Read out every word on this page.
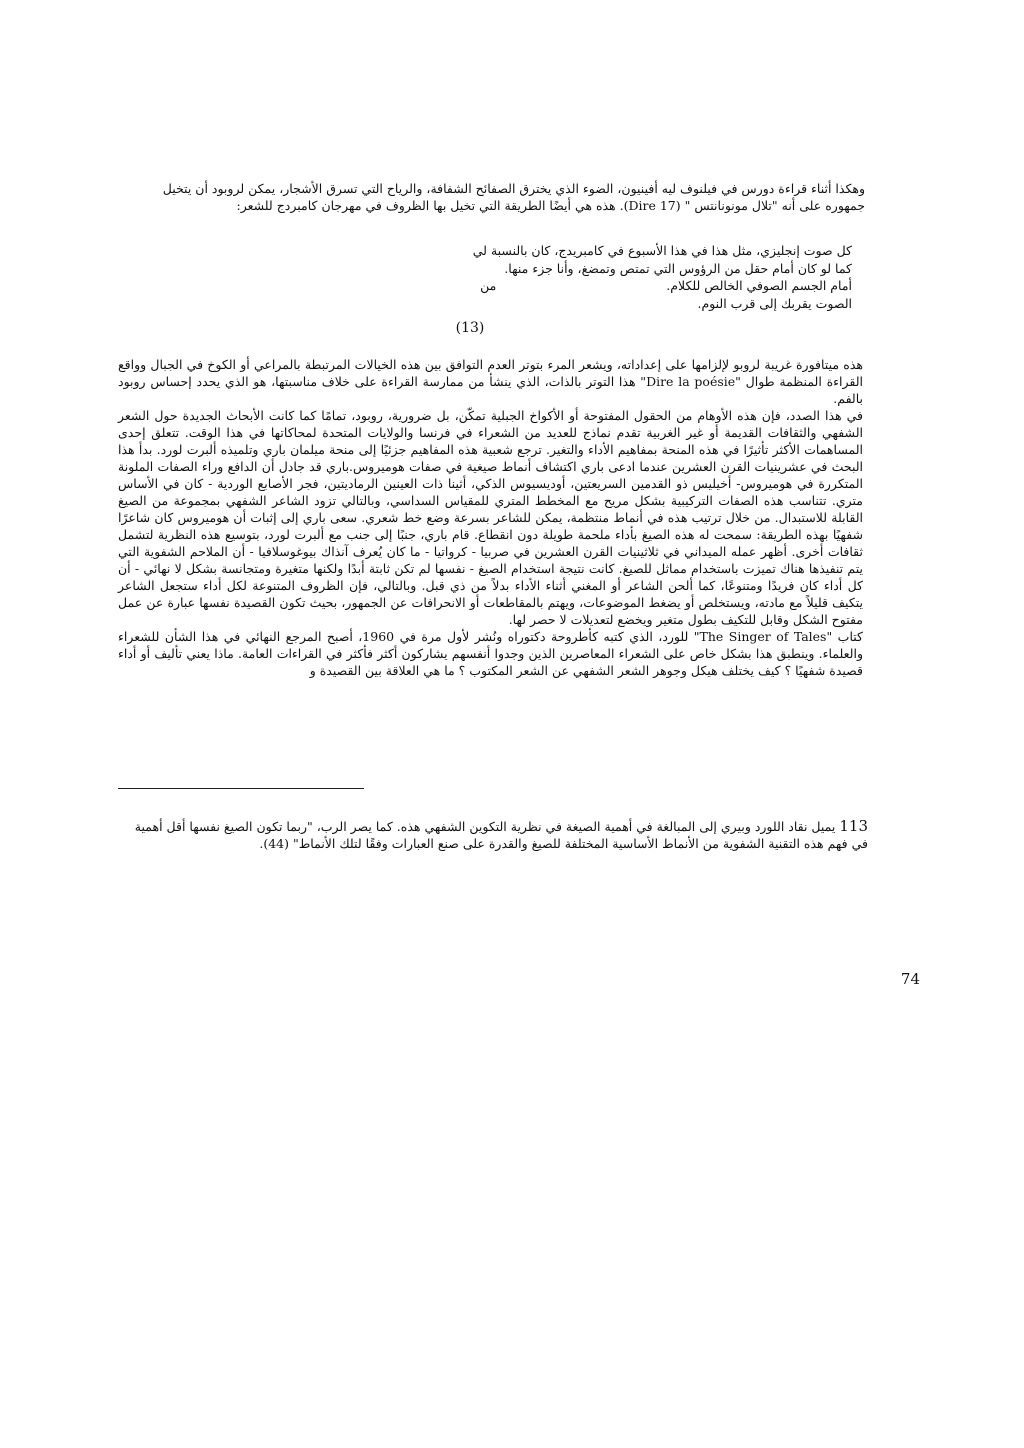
وهكذا أثناء قراءة دورس في فيلنوف ليه أفينيون، الضوء الذي يخترق الصفائح الشفافة، والرياح التي تسرق الأشجار، يمكن لروبود أن يتخيل

جمهوره على أنه "تلال مونونانتس " (Dire 17). هذه هي أيضًا الطريقة التي تخيل بها الظروف في مهرجان كامبردج للشعر:

كل صوت إنجليزي، مثل هذا في هذا الأسبوع في كامبريدج، كان بالنسبة لي

كما لو كان أمام حقل من الرؤوس التي تمتص وتمضغ، وأنا جزء منها.

أمام الجسم الصوفي الخالص للكلام.من

الصوت يقربك إلى قرب النوم.

(13)

هذه ميتافورة غريبة لروبو لإلزامها على إعداداته، ويشعر المرء بتوتر العدم التوافق بين هذه الخيالات المرتبطة بالمراعي أو الكوخ في الجبال وواقع القراءة المنظمة طوال "Dire la poésie" هذا التوتر بالذات، الذي ينشأ من ممارسة القراءة على خلاف مناسبتها، هو الذي يحدد إحساس روبود بالفم.

في هذا الصدد، فإن هذه الأوهام من الحقول المفتوحة أو الأكواخ الجبلية تمكّن، بل ضرورية، روبود، تمامًا كما كانت الأبحاث الجديدة حول الشعر الشفهي والثقافات القديمة أو غير الغربية تقدم نماذج للعديد من الشعراء في فرنسا والولايات المتحدة لمحاكاتها في هذا الوقت. تتعلق إحدى المساهمات الأكثر تأثيرًا في هذه المنحة بمفاهيم الأداء والتغير. ترجع شعبية هذه المفاهيم جزئيًا إلى منحة ميلمان باري وتلميذه ألبرت لورد. بدأ هذا البحث في عشرينيات القرن العشرين عندما ادعى باري اكتشاف أنماط صيغية في صفات هوميروس.باري قد جادل أن الدافع وراء الصفات الملونة المتكررة في هوميروس- أخيليس ذو القدمين السريعتين، أوديسيوس الذكي، أثينا ذات العينين الرماديتين، فجر الأصابع الوردية - كان في الأساس متري. تتناسب هذه الصفات التركيبية بشكل مريح مع المخطط المتري للمقياس السداسي، وبالتالي تزود الشاعر الشفهي بمجموعة من الصيغ القابلة للاستبدال. من خلال ترتيب هذه في أنماط منتظمة، يمكن للشاعر بسرعة وضع خط شعري. سعى باري إلى إثبات أن هوميروس كان شاعرًا شفهيًا بهذه الطريقة: سمحت له هذه الصيغ بأداء ملحمة طويلة دون انقطاع. قام باري، جنبًا إلى جنب مع ألبرت لورد، بتوسيع هذه النظرية لتشمل ثقافات أخرى. أظهر عمله الميداني في ثلاثينيات القرن العشرين في صربيا - كرواتيا - ما كان يُعرف آنذاك بيوغوسلافيا - أن الملاحم الشفوية التي يتم تنفيذها هناك تميزت باستخدام مماثل للصيغ. كانت نتيجة استخدام الصيغ - نفسها لم تكن ثابتة أبدًا ولكنها متغيرة ومتجانسة بشكل لا نهائي - أن كل أداء كان فريدًا ومتنوعًا، كما ألحن الشاعر أو المغني أثناء الأداء بدلاً من ذي قبل. وبالتالي، فإن الظروف المتنوعة لكل أداء ستجعل الشاعر يتكيف قليلاً مع مادته، ويستخلص أو يضغط الموضوعات، ويهتم بالمقاطعات أو الانحرافات عن الجمهور، بحيث تكون القصيدة نفسها عبارة عن عمل مفتوح الشكل وقابل للتكيف بطول متغير ويخضع لتعديلات لا حصر لها.

كتاب "The Singer of Tales" للورد، الذي كتبه كأطروحة دكتوراه ونُشر لأول مرة في 1960، أصبح المرجع النهائي في هذا الشأن للشعراء والعلماء. وينطبق هذا بشكل خاص على الشعراء المعاصرين الذين وجدوا أنفسهم يشاركون أكثر فأكثر في القراءات العامة. ماذا يعني تأليف أو أداء قصيدة شفهيًا ؟ كيف يختلف هيكل وجوهر الشعر الشفهي عن الشعر المكتوب ؟ ما هي العلاقة بين القصيدة و

113 يميل نقاد اللورد وبيري إلى المبالغة في أهمية الصيغة في نظرية التكوين الشفهي هذه. كما يصر الرب، "ربما تكون الصيغ نفسها أقل أهمية في فهم هذه التقنية الشفوية من الأنماط الأساسية المختلفة للصيغ والقدرة على صنع العبارات وفقًا لتلك الأنماط" (44).

74
